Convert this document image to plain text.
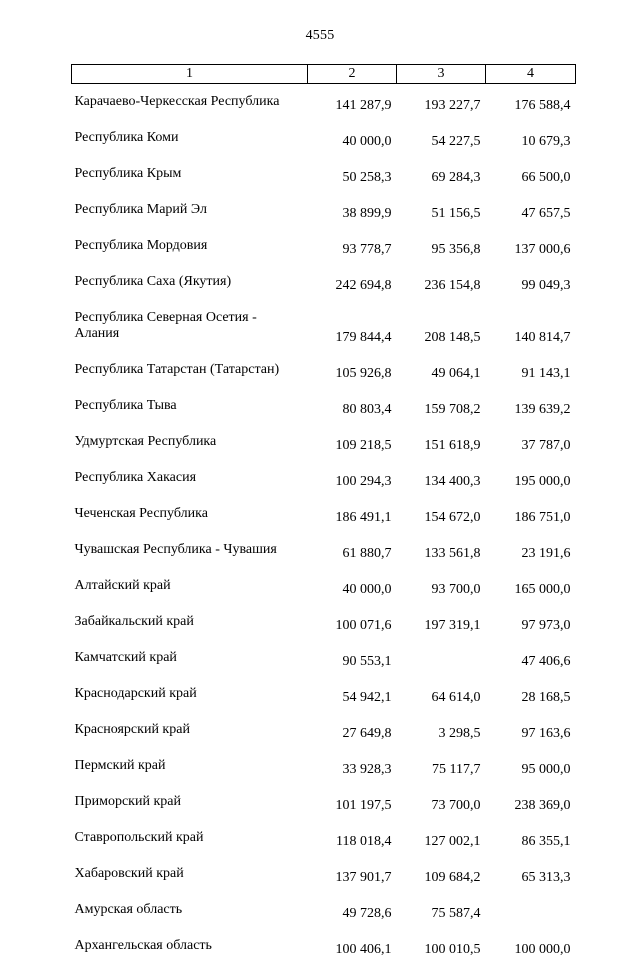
4555
1	2	3	4
Карачаево-Черкесская Республика	141 287,9	193 227,7	176 588,4
Республика Коми	40 000,0	54 227,5	10 679,3
Республика Крым	50 258,3	69 284,3	66 500,0
Республика Марий Эл	38 899,9	51 156,5	47 657,5
Республика Мордовия	93 778,7	95 356,8	137 000,6
Республика Саха (Якутия)	242 694,8	236 154,8	99 049,3
Республика Северная Осетия - Алания	179 844,4	208 148,5	140 814,7
Республика Татарстан (Татарстан)	105 926,8	49 064,1	91 143,1
Республика Тыва	80 803,4	159 708,2	139 639,2
Удмуртская Республика	109 218,5	151 618,9	37 787,0
Республика Хакасия	100 294,3	134 400,3	195 000,0
Чеченская Республика	186 491,1	154 672,0	186 751,0
Чувашская Республика - Чувашия	61 880,7	133 561,8	23 191,6
Алтайский край	40 000,0	93 700,0	165 000,0
Забайкальский край	100 071,6	197 319,1	97 973,0
Камчатский край	90 553,1		47 406,6
Краснодарский край	54 942,1	64 614,0	28 168,5
Красноярский край	27 649,8	3 298,5	97 163,6
Пермский край	33 928,3	75 117,7	95 000,0
Приморский край	101 197,5	73 700,0	238 369,0
Ставропольский край	118 018,4	127 002,1	86 355,1
Хабаровский край	137 901,7	109 684,2	65 313,3
Амурская область	49 728,6	75 587,4	
Архангельская область	100 406,1	100 010,5	100 000,0
